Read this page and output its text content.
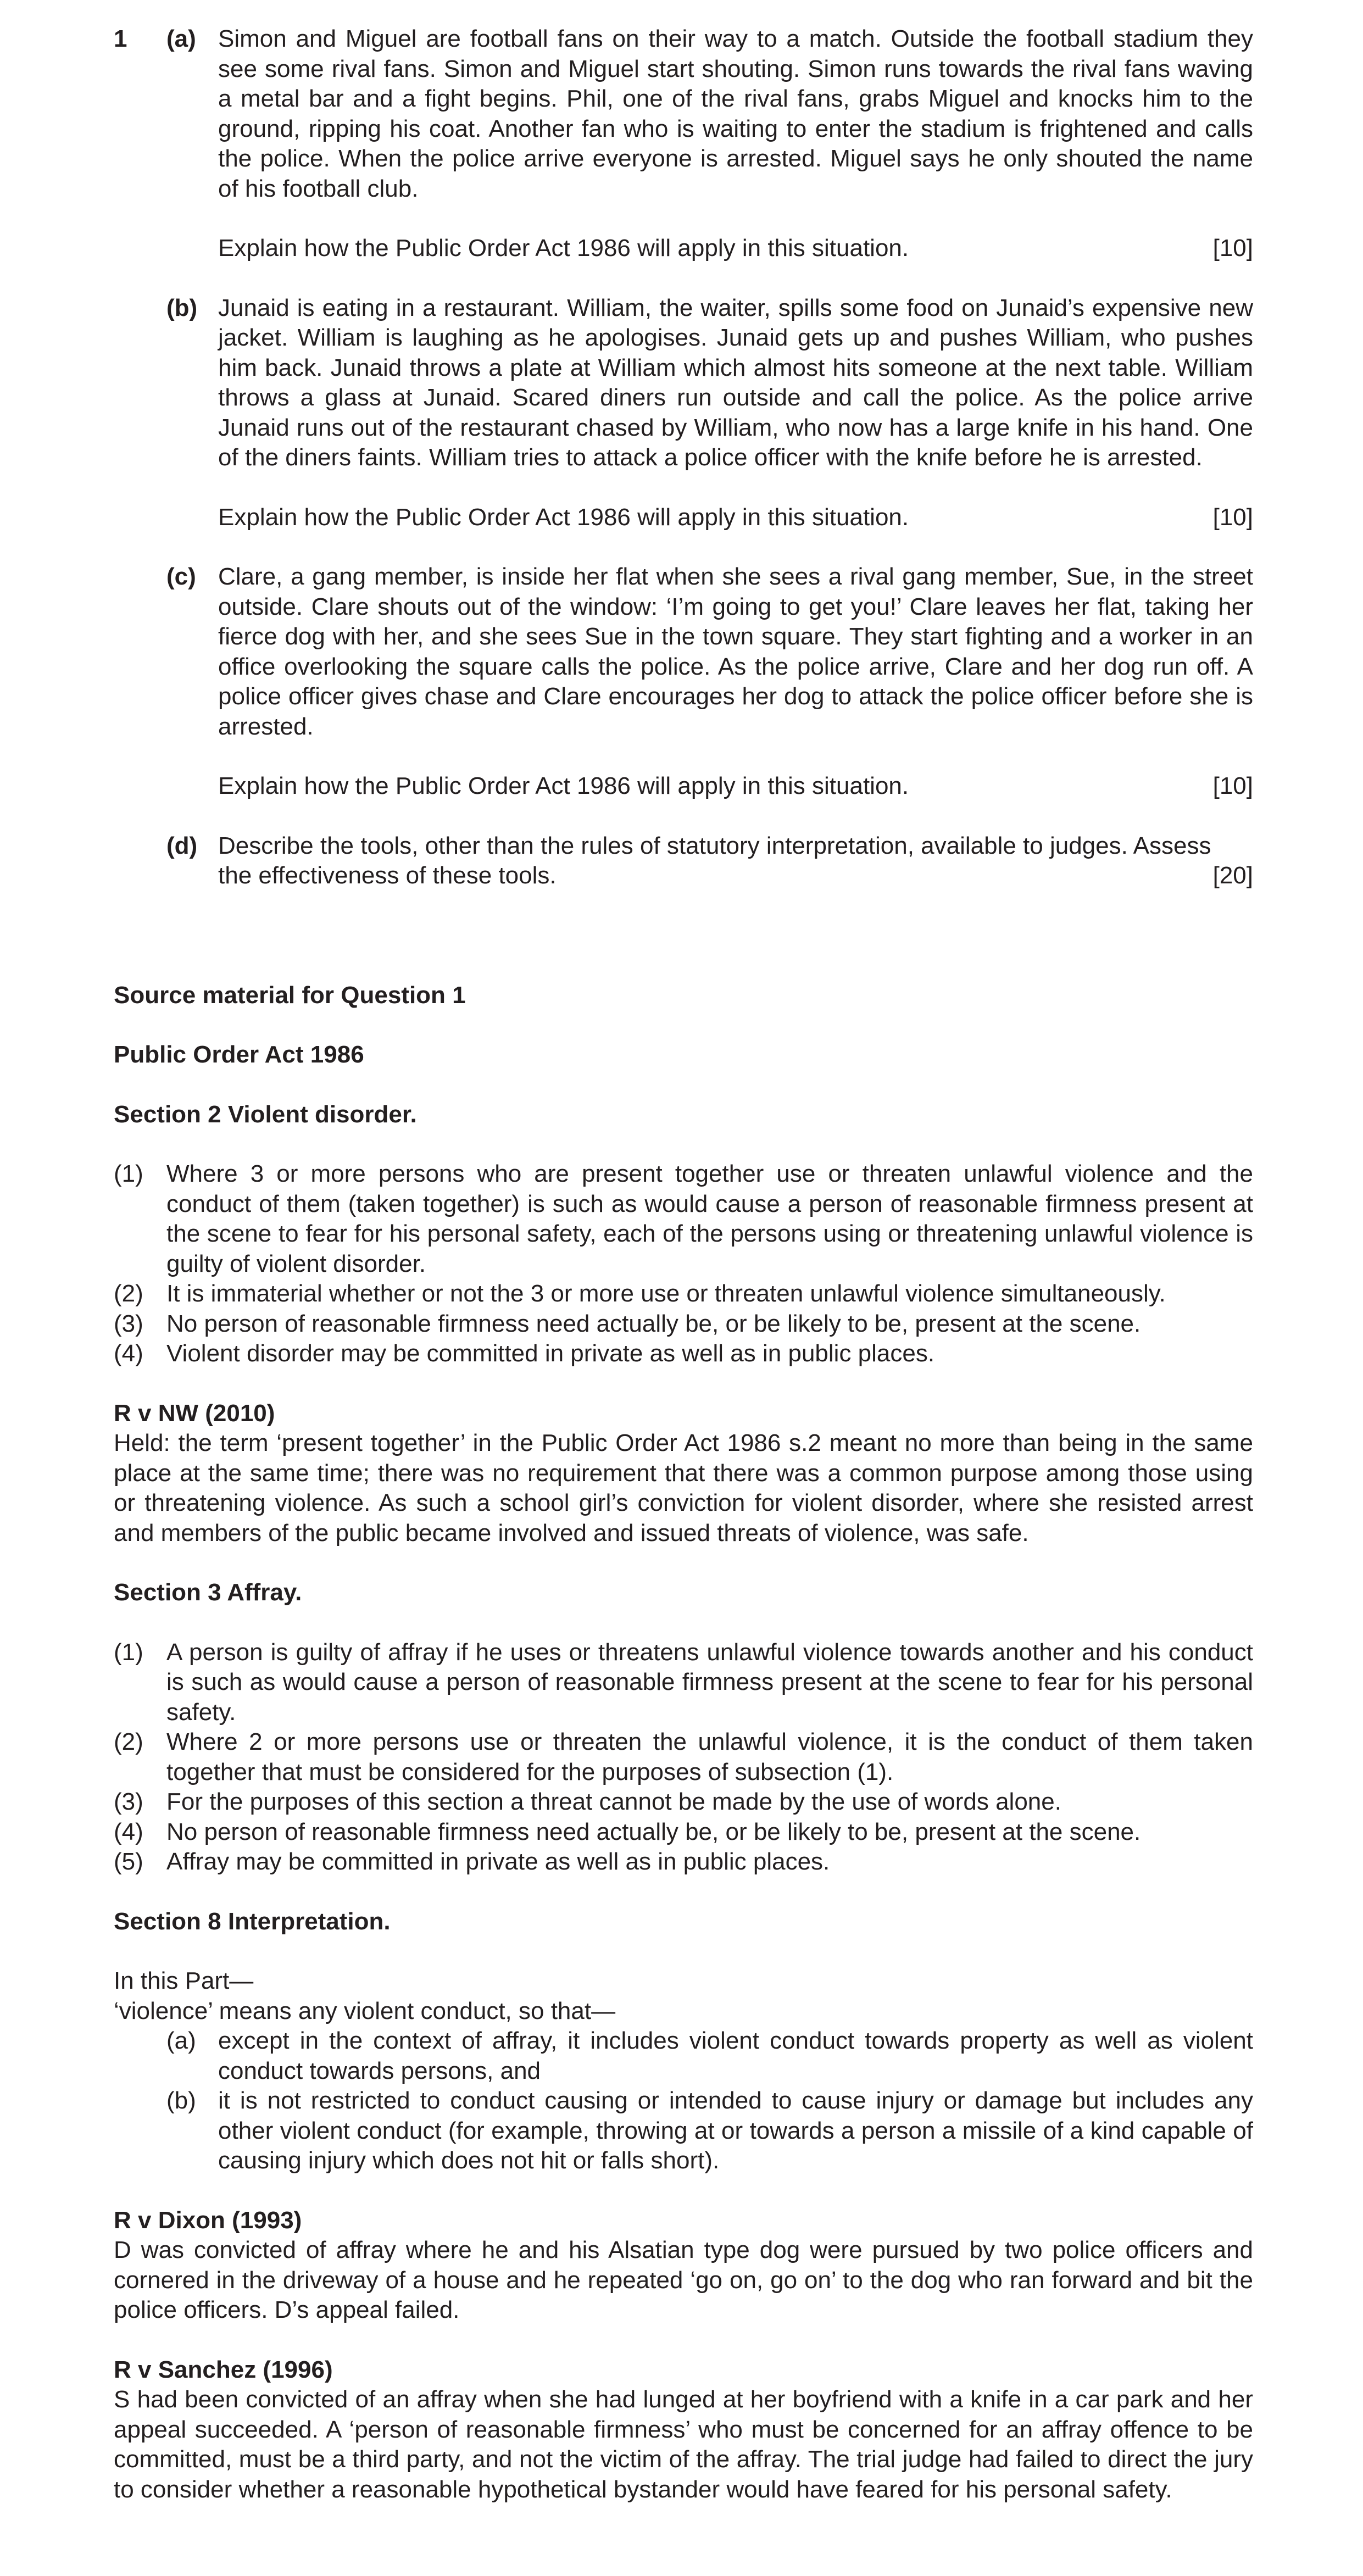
1 (a) Simon and Miguel are football fans on their way to a match. Outside the football stadium they see some rival fans. Simon and Miguel start shouting. Simon runs towards the rival fans waving a metal bar and a fight begins. Phil, one of the rival fans, grabs Miguel and knocks him to the ground, ripping his coat. Another fan who is waiting to enter the stadium is frightened and calls the police. When the police arrive everyone is arrested. Miguel says he only shouted the name of his football club.

Explain how the Public Order Act 1986 will apply in this situation.	[10]
(b) Junaid is eating in a restaurant. William, the waiter, spills some food on Junaid’s expensive new jacket. William is laughing as he apologises. Junaid gets up and pushes William, who pushes him back. Junaid throws a plate at William which almost hits someone at the next table. William throws a glass at Junaid. Scared diners run outside and call the police. As the police arrive Junaid runs out of the restaurant chased by William, who now has a large knife in his hand. One of the diners faints. William tries to attack a police officer with the knife before he is arrested.

Explain how the Public Order Act 1986 will apply in this situation.	[10]
(c) Clare, a gang member, is inside her flat when she sees a rival gang member, Sue, in the street outside. Clare shouts out of the window: ‘I’m going to get you!’ Clare leaves her flat, taking her fierce dog with her, and she sees Sue in the town square. They start fighting and a worker in an office overlooking the square calls the police. As the police arrive, Clare and her dog run off. A police officer gives chase and Clare encourages her dog to attack the police officer before she is arrested.

Explain how the Public Order Act 1986 will apply in this situation.	[10]
(d) Describe the tools, other than the rules of statutory interpretation, available to judges. Assess

the effectiveness of these tools.	[20]

Source material for Question 1

Public Order Act 1986

Section 2 Violent disorder.

(1) Where 3 or more persons who are present together use or threaten unlawful violence and the conduct of them (taken together) is such as would cause a person of reasonable firmness present at the scene to fear for his personal safety, each of the persons using or threatening unlawful violence is guilty of violent disorder.

(2) It is immaterial whether or not the 3 or more use or threaten unlawful violence simultaneously.

(3) No person of reasonable firmness need actually be, or be likely to be, present at the scene.

(4) Violent disorder may be committed in private as well as in public places.

R v NW (2010)

Held: the term ‘present together’ in the Public Order Act 1986 s.2 meant no more than being in the same place at the same time; there was no requirement that there was a common purpose among those using or threatening violence. As such a school girl’s conviction for violent disorder, where she resisted arrest and members of the public became involved and issued threats of violence, was safe.

Section 3 Affray.

(1) A person is guilty of affray if he uses or threatens unlawful violence towards another and his conduct is such as would cause a person of reasonable firmness present at the scene to fear for his personal safety.

(2) Where 2 or more persons use or threaten the unlawful violence, it is the conduct of them taken together that must be considered for the purposes of subsection (1).

(3) For the purposes of this section a threat cannot be made by the use of words alone.

(4) No person of reasonable firmness need actually be, or be likely to be, present at the scene.

(5) Affray may be committed in private as well as in public places.

Section 8 Interpretation.

In this Part—

‘violence’ means any violent conduct, so that—

(a) except in the context of affray, it includes violent conduct towards property as well as violent conduct towards persons, and

(b) it is not restricted to conduct causing or intended to cause injury or damage but includes any other violent conduct (for example, throwing at or towards a person a missile of a kind capable of causing injury which does not hit or falls short).

R v Dixon (1993)

D was convicted of affray where he and his Alsatian type dog were pursued by two police officers and cornered in the driveway of a house and he repeated ‘go on, go on’ to the dog who ran forward and bit the police officers. D’s appeal failed.

R v Sanchez (1996)

S had been convicted of an affray when she had lunged at her boyfriend with a knife in a car park and her appeal succeeded. A ‘person of reasonable firmness’ who must be concerned for an affray offence to be committed, must be a third party, and not the victim of the affray. The trial judge had failed to direct the jury to consider whether a reasonable hypothetical bystander would have feared for his personal safety.
